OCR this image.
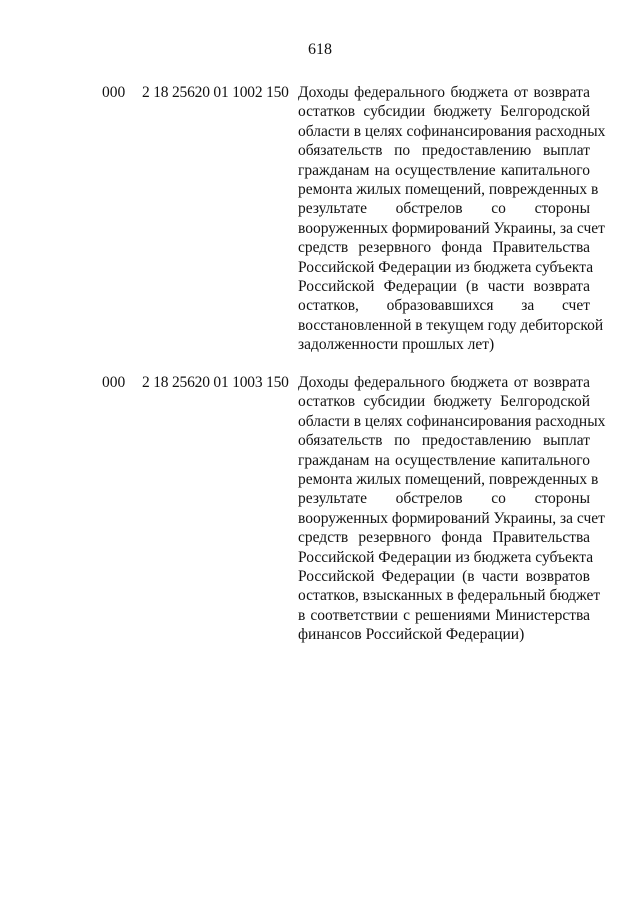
618
000 2 18 25620 01 1002 150 Доходы федерального бюджета от возврата
остатков субсидии бюджету Белгородской
области в целях софинансирования расходных
обязательств по предоставлению выплат
гражданам на осуществление капитального
ремонта жилых помещений, поврежденных в
результате обстрелов со стороны
вооруженных формирований Украины, за счет
средств резервного фонда Правительства
Российской Федерации из бюджета субъекта
Российской Федерации (в части возврата
остатков, образовавшихся за счет
восстановленной в текущем году дебиторской
задолженности прошлых лет)
000 2 18 25620 01 1003 150 Доходы федерального бюджета от возврата
остатков субсидии бюджету Белгородской
области в целях софинансирования расходных
обязательств по предоставлению выплат
гражданам на осуществление капитального
ремонта жилых помещений, поврежденных в
результате обстрелов со стороны
вооруженных формирований Украины, за счет
средств резервного фонда Правительства
Российской Федерации из бюджета субъекта
Российской Федерации (в части возвратов
остатков, взысканных в федеральный бюджет
в соответствии с решениями Министерства
финансов Российской Федерации)
